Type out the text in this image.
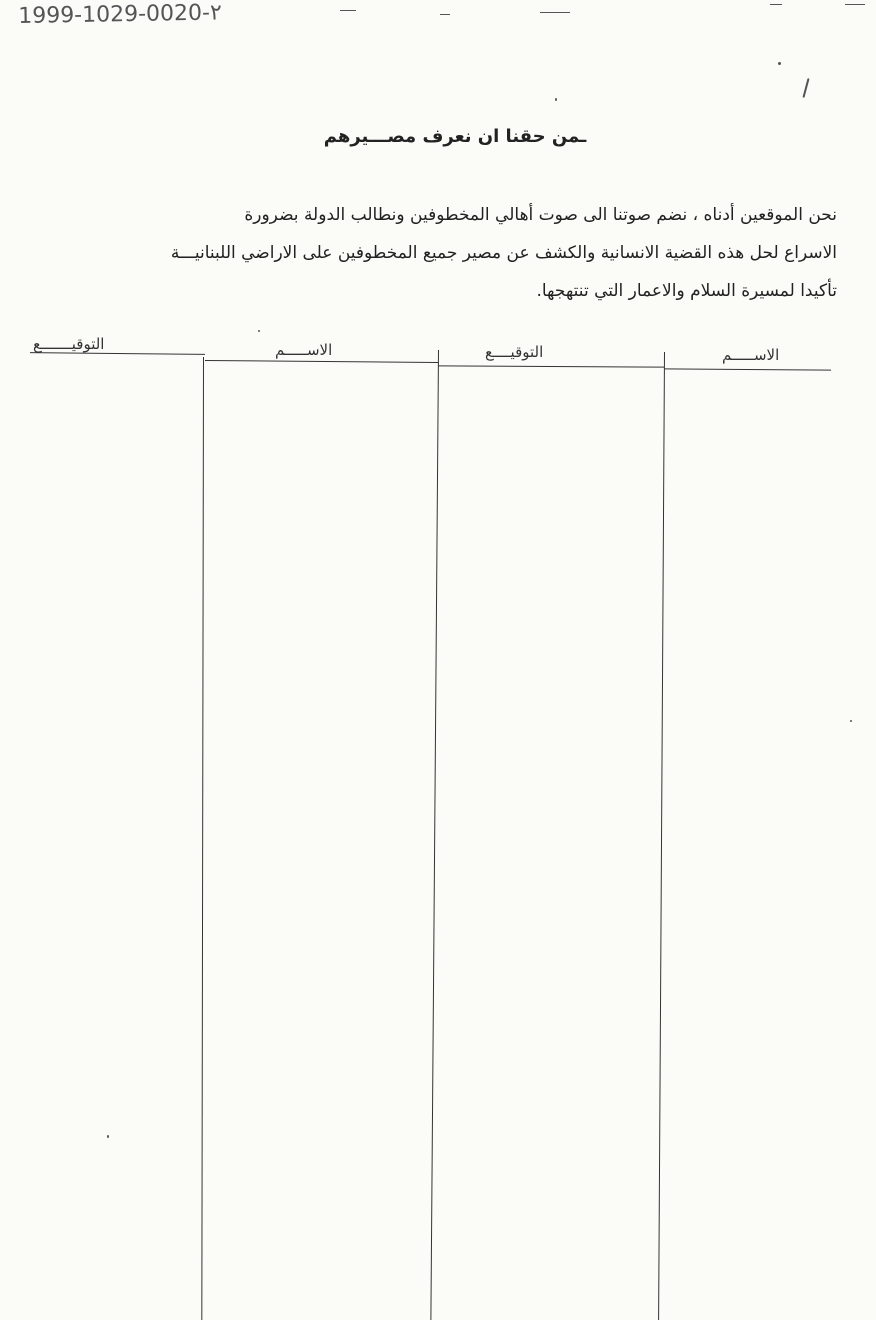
1999-1029-0020-٢
ـمن حقنا ان نعرف مصـــيرهم
نحن الموقعين أدناه ، نضم صوتنا الى صوت أهالي المخطوفين ونطالب الدولة بضرورة
الاسراع لحل هذه القضية الانسانية والكشف عن مصير جميع المخطوفين على الاراضي اللبنانيـــة
تأكيدا لمسيرة السلام والاعمار التي تنتهجها.
الاســـــم
التوقيــــع
الاســـــم
التوقيـــــــع
